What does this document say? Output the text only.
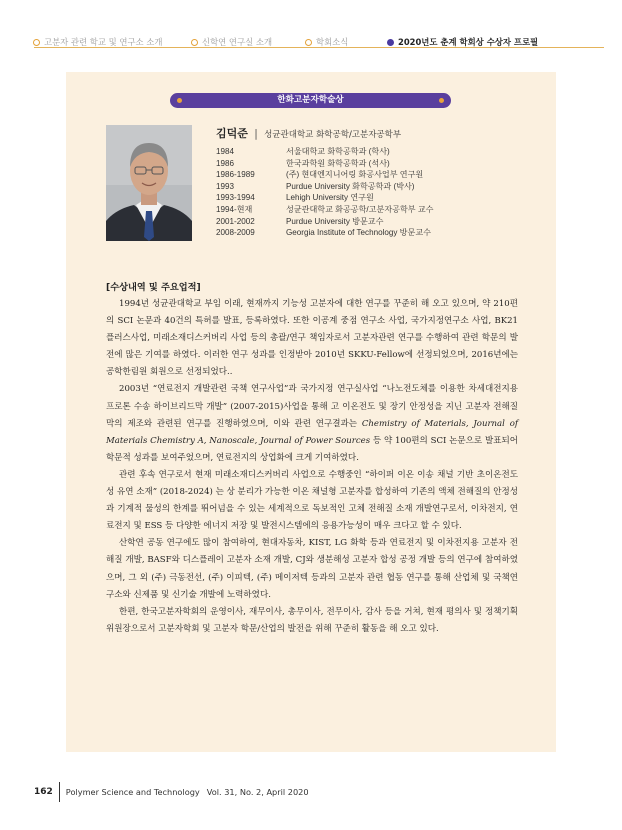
고분자 관련 학교 및 연구소 소개	신학연 연구실 소개	학회소식	2020년도 춘계 학회상 수상자 프로필
한화고분자학술상
김덕준 | 성균관대학교 화학공학/고분자공학부
1984	서울대학교 화학공학과 (학사)
1986	한국과학원 화학공학과 (석사)
1986-1989	(주) 현대엔지니어링 화공사업부 연구원
1993	Purdue University 화학공학과 (박사)
1993-1994	Lehigh University 연구원
1994-현재	성균관대학교 화공공학/고분자공학부 교수
2001-2002	Purdue University 방문교수
2008-2009	Georgia Institute of Technology 방문교수
[수상내역 및 주요업적]

1994년 성균관대학교 부임 이래, 현재까지 기능성 고분자에 대한 연구를 꾸준히 해 오고 있으며, 약 210편의 SCI 논문과 40건의 특허를 발표, 등록하였다. 또한 이공계 중점 연구소 사업, 국가지정연구소 사업, BK21 플러스사업, 미래소재디스커버리 사업 등의 총괄/연구 책임자로서 고분자관련 연구를 수행하여 관련 학문의 발전에 많은 기여를 하였다. 이러한 연구 성과를 인정받아 2010년 SKKU-Fellow에 선정되었으며, 2016년에는 공학한림원 회원으로 선정되었다..

2003년 “연료전지 개발관련 국책 연구사업”과 국가지정 연구실사업 “나노전도체를 이용한 차세대전지용 프로톤 수송 하이브리드막 개발” (2007-2015)사업을 통해 고 이온전도 및 장기 안정성을 지닌 고분자 전해질 막의 제조와 관련된 연구를 진행하였으며, 이와 관련 연구결과는 Chemistry of Materials, Journal of Materials Chemistry A, Nanoscale, Journal of Power Sources 등 약 100편의 SCI 논문으로 발표되어 학문적 성과를 보여주었으며, 연료전지의 상업화에 크게 기여하였다.

관련 후속 연구로서 현재 미래소재디스커버리 사업으로 수행중인 “하이퍼 이온 이송 채널 기반 초이온전도성 유연 소재” (2018-2024) 는 상 분리가 가능한 이온 채널형 고분자를 합성하여 기존의 액체 전해질의 안정성과 기계적 물성의 한계를 뛰어넘을 수 있는 세계적으로 독보적인 고체 전해질 소재 개발연구로서, 이차전지, 연료전지 및 ESS 등 다양한 에너지 저장 및 발전시스템에의 응용가능성이 매우 크다고 할 수 있다.

산학연 공동 연구에도 많이 참여하여, 현대자동차, KIST, LG 화학 등과 연료전지 및 이차전지용 고분자 전해질 개발, BASF와 디스플레이 고분자 소재 개발, CJ와 생분해성 고분자 합성 공정 개발 등의 연구에 참여하였으며, 그 외 (주) 극동전선, (주) 이피텍, (주) 메이저텍 등과의 고분자 관련 협동 연구를 통해 산업체 및 국책연구소와 신제품 및 신기술 개발에 노력하였다.

한편, 한국고분자학회의 운영이사, 재무이사, 총무이사, 전무이사, 감사 등을 거쳐, 현재 평의사 및 정책기획위원장으로서 고분자학회 및 고분자 학문/산업의 발전을 위해 꾸준히 활동을 해 오고 있다.

162 Polymer Science and Technology Vol. 31, No. 2, April 2020
